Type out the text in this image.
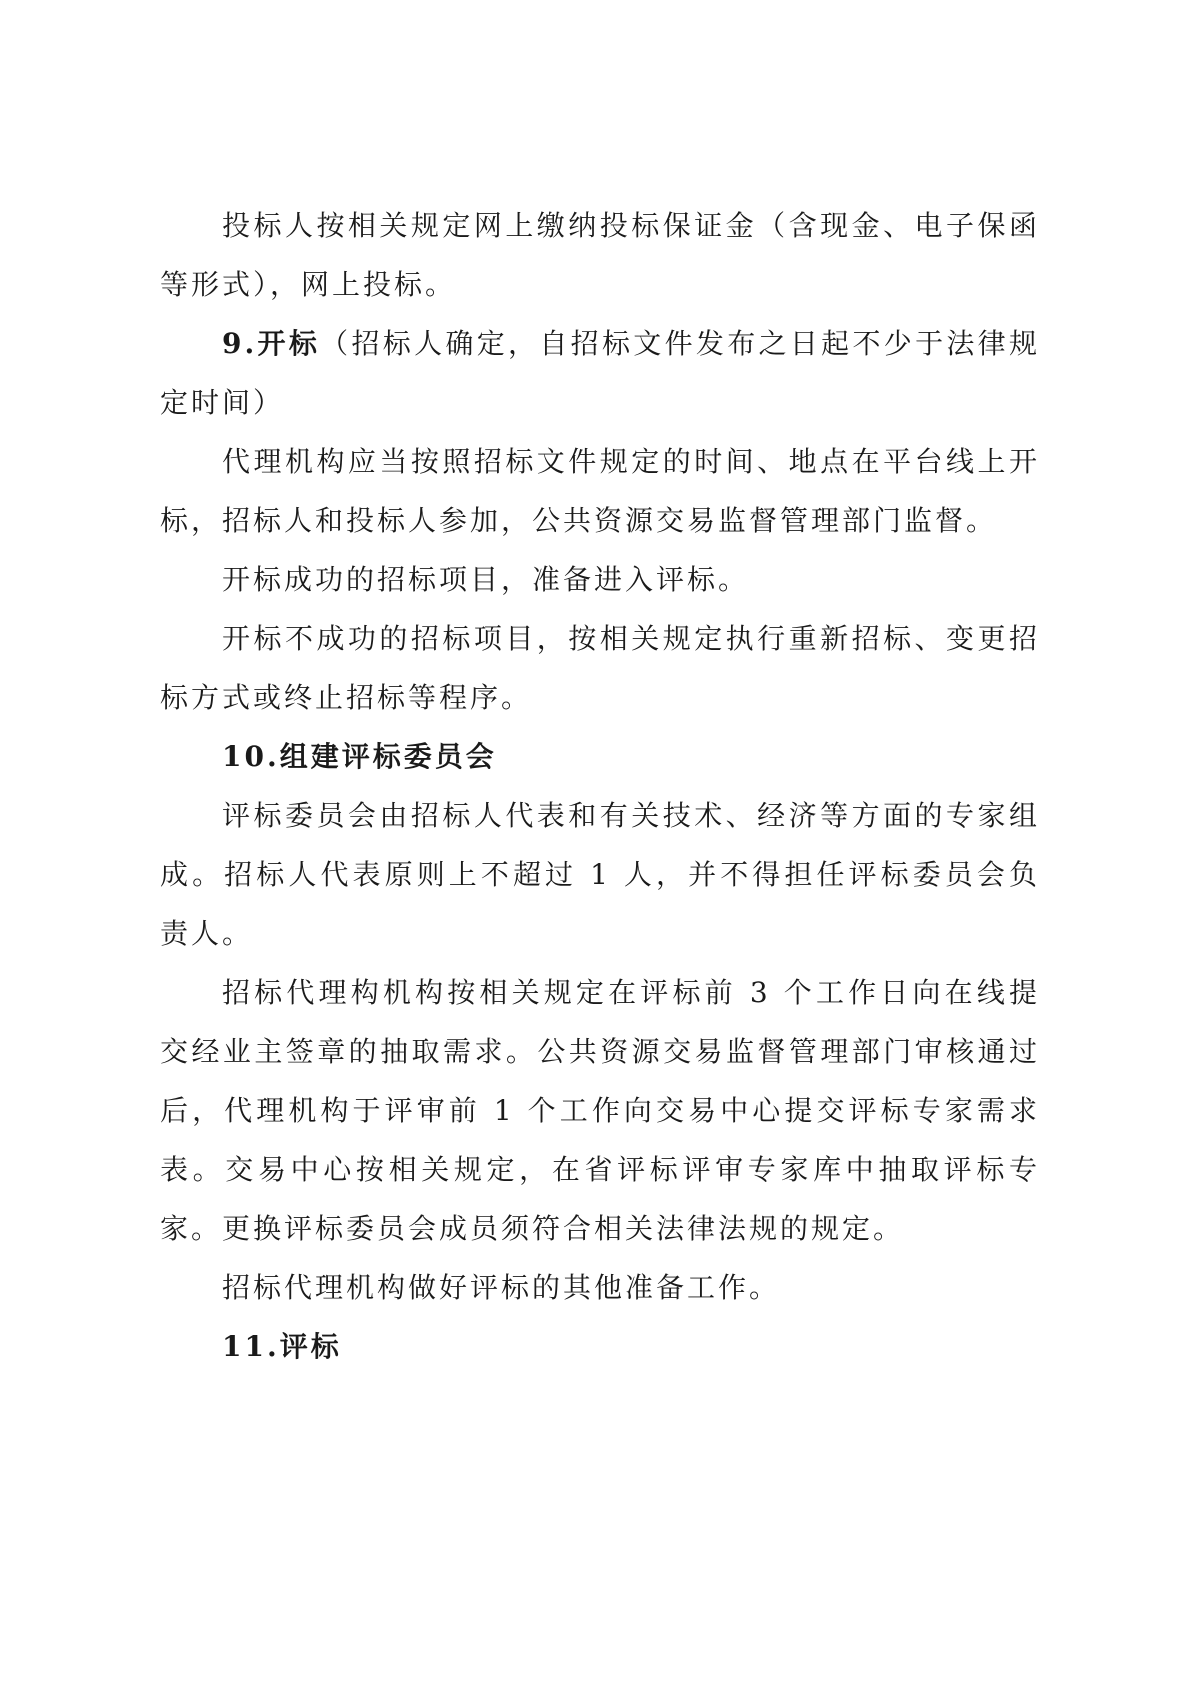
投标人按相关规定网上缴纳投标保证金（含现金、电子保函等形式），网上投标。

9.开标（招标人确定，自招标文件发布之日起不少于法律规定时间）

代理机构应当按照招标文件规定的时间、地点在平台线上开标，招标人和投标人参加，公共资源交易监督管理部门监督。

开标成功的招标项目，准备进入评标。

开标不成功的招标项目，按相关规定执行重新招标、变更招标方式或终止招标等程序。

10.组建评标委员会

评标委员会由招标人代表和有关技术、经济等方面的专家组成。招标人代表原则上不超过 1 人，并不得担任评标委员会负责人。

招标代理构机构按相关规定在评标前 3 个工作日向在线提交经业主签章的抽取需求。公共资源交易监督管理部门审核通过后，代理机构于评审前 1 个工作向交易中心提交评标专家需求表。交易中心按相关规定，在省评标评审专家库中抽取评标专家。更换评标委员会成员须符合相关法律法规的规定。

招标代理机构做好评标的其他准备工作。

11.评标
